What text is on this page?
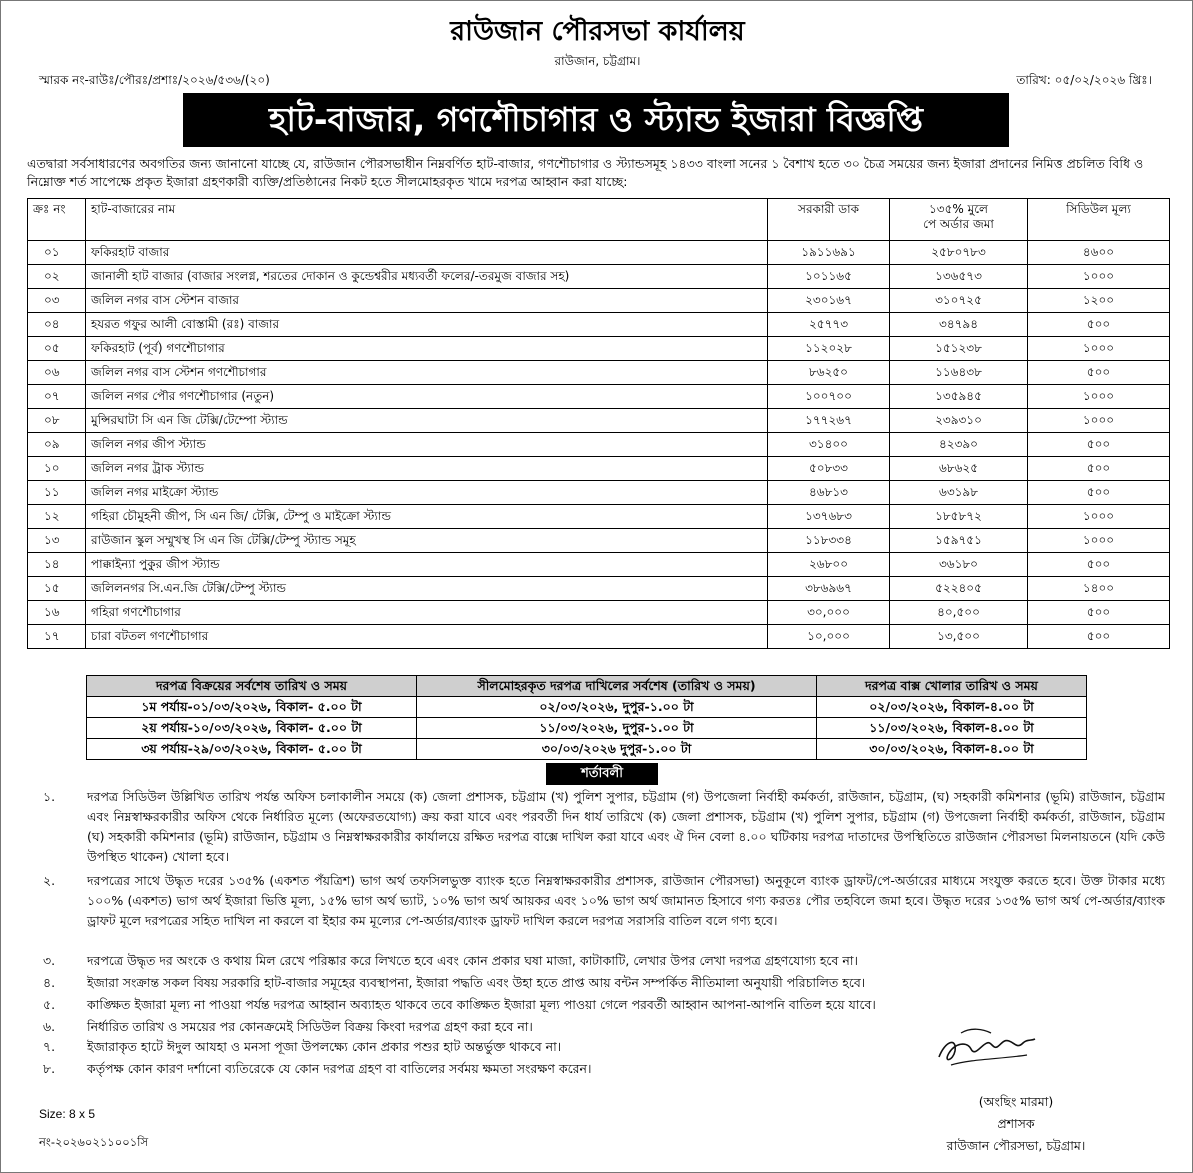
রাউজান পৌরসভা কার্যালয়
রাউজান, চট্টগ্রাম।
স্মারক নং-রাউঃ/পৌরঃ/প্রশাঃ/২০২৬/৫৩৬/(২০)	তারিখ: ০৫/০২/২০২৬ খ্রিঃ।
হাট-বাজার, গণশৌচাগার ও স্ট্যান্ড ইজারা বিজ্ঞপ্তি
এতদ্বারা সর্বসাধারণের অবগতির জন্য জানানো যাচ্ছে যে, রাউজান পৌরসভাধীন নিম্নবর্ণিত হাট-বাজার, গণশৌচাগার ও স্ট্যান্ডসমূহ ১৪৩৩ বাংলা সনের ১ বৈশাখ হতে ৩০ চৈত্র সময়ের জন্য ইজারা প্রদানের নিমিত্ত প্রচলিত বিধি ও নিম্নোক্ত শর্ত সাপেক্ষে প্রকৃত ইজারা গ্রহণকারী ব্যক্তি/প্রতিষ্ঠানের নিকট হতে সীলমোহরকৃত খামে দরপত্র আহ্বান করা যাচ্ছে:
ক্রঃ নং	হাট-বাজারের নাম	সরকারী ডাক	১৩৫% মুলে
পে অর্ডার জমা	সিডিউল মূল্য
০১	ফকিরহাট বাজার	১৯১১৬৯১	২৫৮০৭৮৩	৪৬০০
০২	জানালী হাট বাজার (বাজার সংলগ্ন, শরতের দোকান ও কুন্ডেশ্বরীর মধ্যবর্তী ফলের/-তরমুজ বাজার সহ)	১০১১৬৫	১৩৬৫৭৩	১০০০
০৩	জলিল নগর বাস স্টেশন বাজার	২৩০১৬৭	৩১০৭২৫	১২০০
০৪	হযরত গফুর আলী বোস্তামী (রঃ) বাজার	২৫৭৭৩	৩৪৭৯৪	৫০০
০৫	ফকিরহাট (পূর্ব) গণশৌচাগার	১১২০২৮	১৫১২৩৮	১০০০
০৬	জলিল নগর বাস স্টেশন গণশৌচাগার	৮৬২৫০	১১৬৪৩৮	৫০০
০৭	জলিল নগর পৌর গণশৌচাগার (নতুন)	১০০৭০০	১৩৫৯৪৫	১০০০
০৮	মুন্সিরঘাটা সি এন জি টেক্সি/টেম্পো স্ট্যান্ড	১৭৭২৬৭	২৩৯৩১০	১০০০
০৯	জলিল নগর জীপ স্ট্যান্ড	৩১৪০০	৪২৩৯০	৫০০
১০	জলিল নগর ট্রাক স্ট্যান্ড	৫০৮৩৩	৬৮৬২৫	৫০০
১১	জলিল নগর মাইক্রো স্ট্যান্ড	৪৬৮১৩	৬৩১৯৮	৫০০
১২	গহিরা চৌমুহনী জীপ, সি এন জি/ টেক্সি, টেম্পু ও মাইক্রো স্ট্যান্ড	১৩৭৬৮৩	১৮৫৮৭২	১০০০
১৩	রাউজান স্কুল সম্মুখস্থ সি এন জি টেক্সি/টেম্পু স্ট্যান্ড সমূহ	১১৮৩৩৪	১৫৯৭৫১	১০০০
১৪	পাক্কাইন্যা পুকুর জীপ স্ট্যান্ড	২৬৮০০	৩৬১৮০	৫০০
১৫	জলিলনগর সি.এন.জি টেক্সি/টেম্পু স্ট্যান্ড	৩৮৬৯৬৭	৫২২৪০৫	১৪০০
১৬	গহিরা গণশৌচাগার	৩০,০০০	৪০,৫০০	৫০০
১৭	চারা বটতল গণশৌচাগার	১০,০০০	১৩,৫০০	৫০০
দরপত্র বিক্রয়ের সর্বশেষ তারিখ ও সময়	সীলমোহরকৃত দরপত্র দাখিলের সর্বশেষ (তারিখ ও সময়)	দরপত্র বাক্স খোলার তারিখ ও সময়
১ম পর্যায়-০১/০৩/২০২৬, বিকাল- ৫.০০ টা	০২/০৩/২০২৬, দুপুর-১.০০ টা	০২/০৩/২০২৬, বিকাল-৪.০০ টা
২য় পর্যায়-১০/০৩/২০২৬, বিকাল- ৫.০০ টা	১১/০৩/২০২৬, দুপুর-১.০০ টা	১১/০৩/২০২৬, বিকাল-৪.০০ টা
৩য় পর্যায়-২৯/০৩/২০২৬, বিকাল- ৫.০০ টা	৩০/০৩/২০২৬ দুপুর-১.০০ টা	৩০/০৩/২০২৬, বিকাল-৪.০০ টা
শর্তাবলী
১.	দরপত্র সিডিউল উল্লিখিত তারিখ পর্যন্ত অফিস চলাকালীন সময়ে (ক) জেলা প্রশাসক, চট্টগ্রাম (খ) পুলিশ সুপার, চট্টগ্রাম (গ) উপজেলা নির্বাহী কর্মকর্তা, রাউজান, চট্টগ্রাম, (ঘ) সহকারী কমিশনার (ভূমি) রাউজান, চট্টগ্রাম এবং নিম্নস্বাক্ষরকারীর অফিস থেকে নির্ধারিত মূল্যে (অফেরতযোগ্য) ক্রয় করা যাবে এবং পরবর্তী দিন ধার্য তারিখে (ক) জেলা প্রশাসক, চট্টগ্রাম (খ) পুলিশ সুপার, চট্টগ্রাম (গ) উপজেলা নির্বাহী কর্মকর্তা, রাউজান, চট্টগ্রাম (ঘ) সহকারী কমিশনার (ভূমি) রাউজান, চট্টগ্রাম ও নিম্নস্বাক্ষরকারীর কার্যালয়ে রক্ষিত দরপত্র বাক্সে দাখিল করা যাবে এবং ঐ দিন বেলা ৪.০০ ঘটিকায় দরপত্র দাতাদের উপস্থিতিতে রাউজান পৌরসভা মিলনায়তনে (যদি কেউ উপস্থিত থাকেন) খোলা হবে।
২.	দরপত্রের সাথে উদ্ধৃত দরের ১৩৫% (একশত পঁয়ত্রিশ) ভাগ অর্থ তফসিলভুক্ত ব্যাংক হতে নিম্নস্বাক্ষরকারীর প্রশাসক, রাউজান পৌরসভা) অনুকূলে ব্যাংক ড্রাফট/পে-অর্ডারের মাধ্যমে সংযুক্ত করতে হবে। উক্ত টাকার মধ্যে ১০০% (একশত) ভাগ অর্থ ইজারা ভিত্তি মূল্য, ১৫% ভাগ অর্থ ভ্যাট, ১০% ভাগ অর্থ আয়কর এবং ১০% ভাগ অর্থ জামানত হিসাবে গণ্য করতঃ পৌর তহবিলে জমা হবে। উদ্ধৃত দরের ১৩৫% ভাগ অর্থ পে-অর্ডার/ব্যাংক ড্রাফট মূলে দরপত্রের সহিত দাখিল না করলে বা ইহার কম মূল্যের পে-অর্ডার/ব্যাংক ড্রাফট দাখিল করলে দরপত্র সরাসরি বাতিল বলে গণ্য হবে।
৩.	দরপত্রে উদ্ধৃত দর অংকে ও কথায় মিল রেখে পরিষ্কার করে লিখতে হবে এবং কোন প্রকার ঘষা মাজা, কাটাকাটি, লেখার উপর লেখা দরপত্র গ্রহণযোগ্য হবে না।
৪.	ইজারা সংক্রান্ত সকল বিষয় সরকারি হাট-বাজার সমূহের ব্যবস্থাপনা, ইজারা পদ্ধতি এবং উহা হতে প্রাপ্ত আয় বন্টন সম্পর্কিত নীতিমালা অনুযায়ী পরিচালিত হবে।
৫.	কাঙ্ক্ষিত ইজারা মূল্য না পাওয়া পর্যন্ত দরপত্র আহ্বান অব্যাহত থাকবে তবে কাঙ্ক্ষিত ইজারা মূল্য পাওয়া গেলে পরবর্তী আহ্বান আপনা-আপনি বাতিল হয়ে যাবে।
৬.	নির্ধারিত তারিখ ও সময়ের পর কোনক্রমেই সিডিউল বিক্রয় কিংবা দরপত্র গ্রহণ করা হবে না।
৭.	ইজারাকৃত হাটে ঈদুল আযহা ও মনসা পূজা উপলক্ষ্যে কোন প্রকার পশুর হাট অন্তর্ভুক্ত থাকবে না।
৮.	কর্তৃপক্ষ কোন কারণ দর্শানো ব্যতিরেকে যে কোন দরপত্র গ্রহণ বা বাতিলের সর্বময় ক্ষমতা সংরক্ষণ করেন।
(অংছিং মারমা)
প্রশাসক
রাউজান পৌরসভা, চট্টগ্রাম।
Size: 8 x 5
নং-২০২৬০২১১০০১সি
